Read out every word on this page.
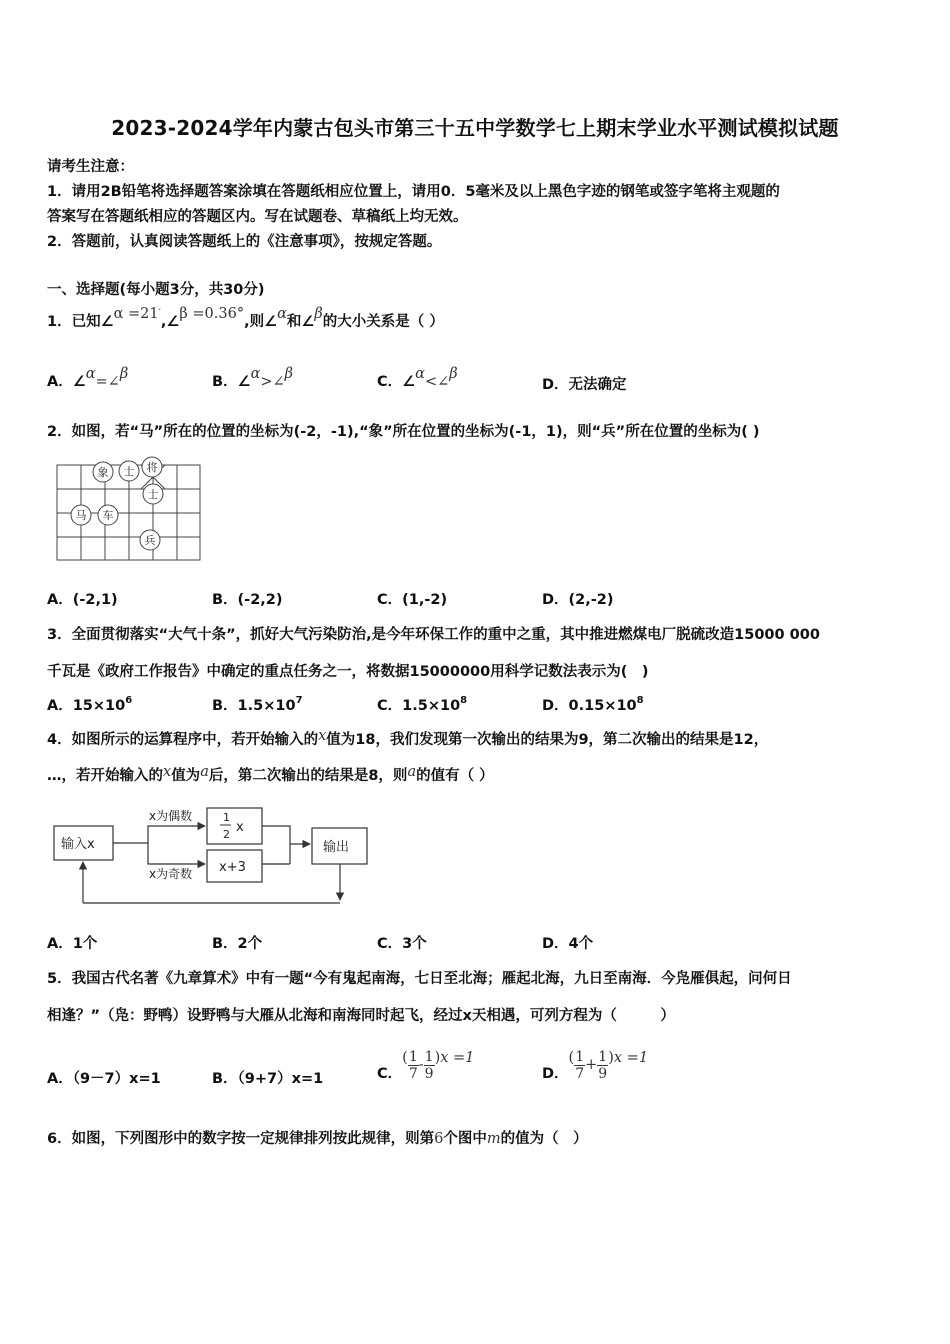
2023-2024学年内蒙古包头市第三十五中学数学七上期末学业水平测试模拟试题
请考生注意：
1．请用2B铅笔将选择题答案涂填在答题纸相应位置上，请用0．5毫米及以上黑色字迹的钢笔或签字笔将主观题的
答案写在答题纸相应的答题区内。写在试题卷、草稿纸上均无效。
2．答题前，认真阅读答题纸上的《注意事项》，按规定答题。
一、选择题(每小题3分，共30分)
1．已知∠α =21′,∠β =0.36°,则∠α和∠β的大小关系是（ ）
A．∠α=∠β	B．∠α>∠β	C．∠α<∠β
D．无法确定
2．如图，若“马”所在的位置的坐标为(-2，-1),“象”所在位置的坐标为(-1，1)，则“兵”所在位置的坐标为( )
象 士 将
士
马 车
兵
A．(-2,1)	B．(-2,2)	C．(1,-2)	D．(2,-2)
3．全面贯彻落实“大气十条”，抓好大气污染防治,是今年环保工作的重中之重，其中推进燃煤电厂脱硫改造15000 000
千瓦是《政府工作报告》中确定的重点任务之一，将数据15000000用科学记数法表示为(　)
A．$15\times 10^6$	B．$1.5\times 10^7$	C．$1.5\times 10^8$	D．$0.15\times 10^8$
4．如图所示的运算程序中，若开始输入的x值为18，我们发现第一次输出的结果为9，第二次输出的结果是12，
…，若开始输入的x值为a后，第二次输出的结果是8，则a的值有（ ）
输入x
x为偶数
x为奇数
1
2 x
x+3
输出
A．1个	B．2个	C．3个	D．4个
5．我国古代名著《九章算术》中有一题“今有鬼起南海，七日至北海；雁起北海，九日至南海．今凫雁俱起，问何日
相逢？”（凫：野鸭）设野鸭与大雁从北海和南海同时起飞，经过x天相遇，可列方程为（　　　）
A．（9－7）x=1	B．（9+7）x=1	C．( $\frac{1}{7} - \frac{1}{9} )x =1$
D．( $\frac{1}{7} + \frac{1}{9} )x =1$
6．如图，下列图形中的数字按一定规律排列按此规律，则第6个图中m的值为（　）
